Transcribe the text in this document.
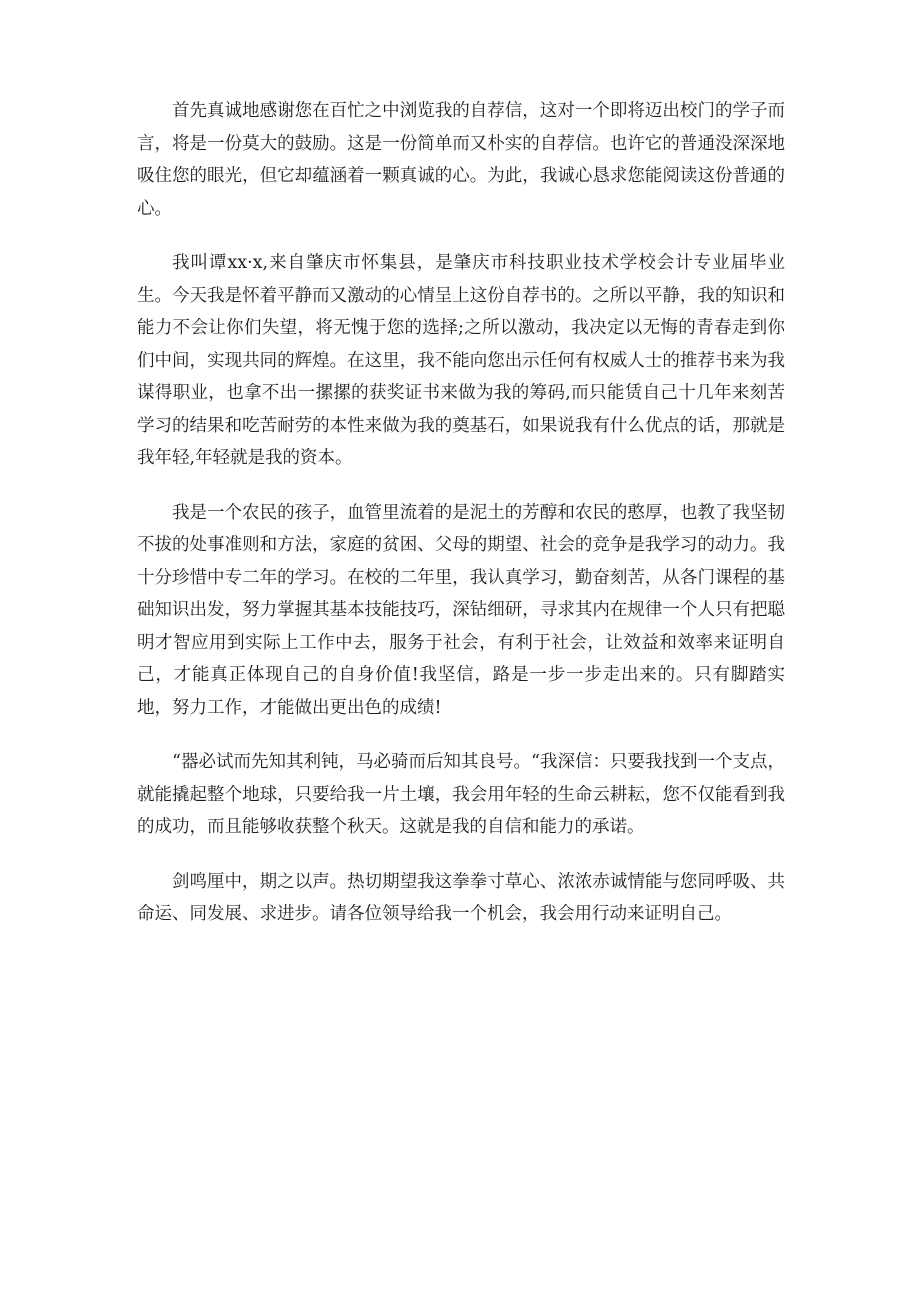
首先真诚地感谢您在百忙之中浏览我的自荐信，这对一个即将迈出校门的学子而言，将是一份莫大的鼓励。这是一份简单而又朴实的自荐信。也许它的普通没深深地吸住您的眼光，但它却蕴涵着一颗真诚的心。为此，我诚心恳求您能阅读这份普通的心。

我叫谭xx·x,来自肇庆市怀集县，是肇庆市科技职业技术学校会计专业届毕业生。今天我是怀着平静而又激动的心情呈上这份自荐书的。之所以平静，我的知识和能力不会让你们失望，将无愧于您的选择;之所以激动，我决定以无悔的青春走到你们中间，实现共同的辉煌。在这里，我不能向您出示任何有权威人士的推荐书来为我谋得职业，也拿不出一摞摞的获奖证书来做为我的筹码,而只能赁自己十几年来刻苦学习的结果和吃苦耐劳的本性来做为我的奠基石，如果说我有什么优点的话，那就是我年轻,年轻就是我的资本。

我是一个农民的孩子，血管里流着的是泥土的芳醇和农民的憨厚，也教了我坚韧不拔的处事准则和方法，家庭的贫困、父母的期望、社会的竞争是我学习的动力。我十分珍惜中专二年的学习。在校的二年里，我认真学习，勤奋刻苦，从各门课程的基础知识出发，努力掌握其基本技能技巧，深钻细研，寻求其内在规律一个人只有把聪明才智应用到实际上工作中去，服务于社会，有利于社会，让效益和效率来证明自己，才能真正体现自己的自身价值!我坚信，路是一步一步走出来的。只有脚踏实地，努力工作，才能做出更出色的成绩!

“器必试而先知其利钝，马必骑而后知其良号。“我深信：只要我找到一个支点，就能撬起整个地球，只要给我一片土壤，我会用年轻的生命云耕耘，您不仅能看到我的成功，而且能够收获整个秋天。这就是我的自信和能力的承诺。

剑鸣厘中，期之以声。热切期望我这拳拳寸草心、浓浓赤诚情能与您同呼吸、共命运、同发展、求进步。请各位领导给我一个机会，我会用行动来证明自己。
